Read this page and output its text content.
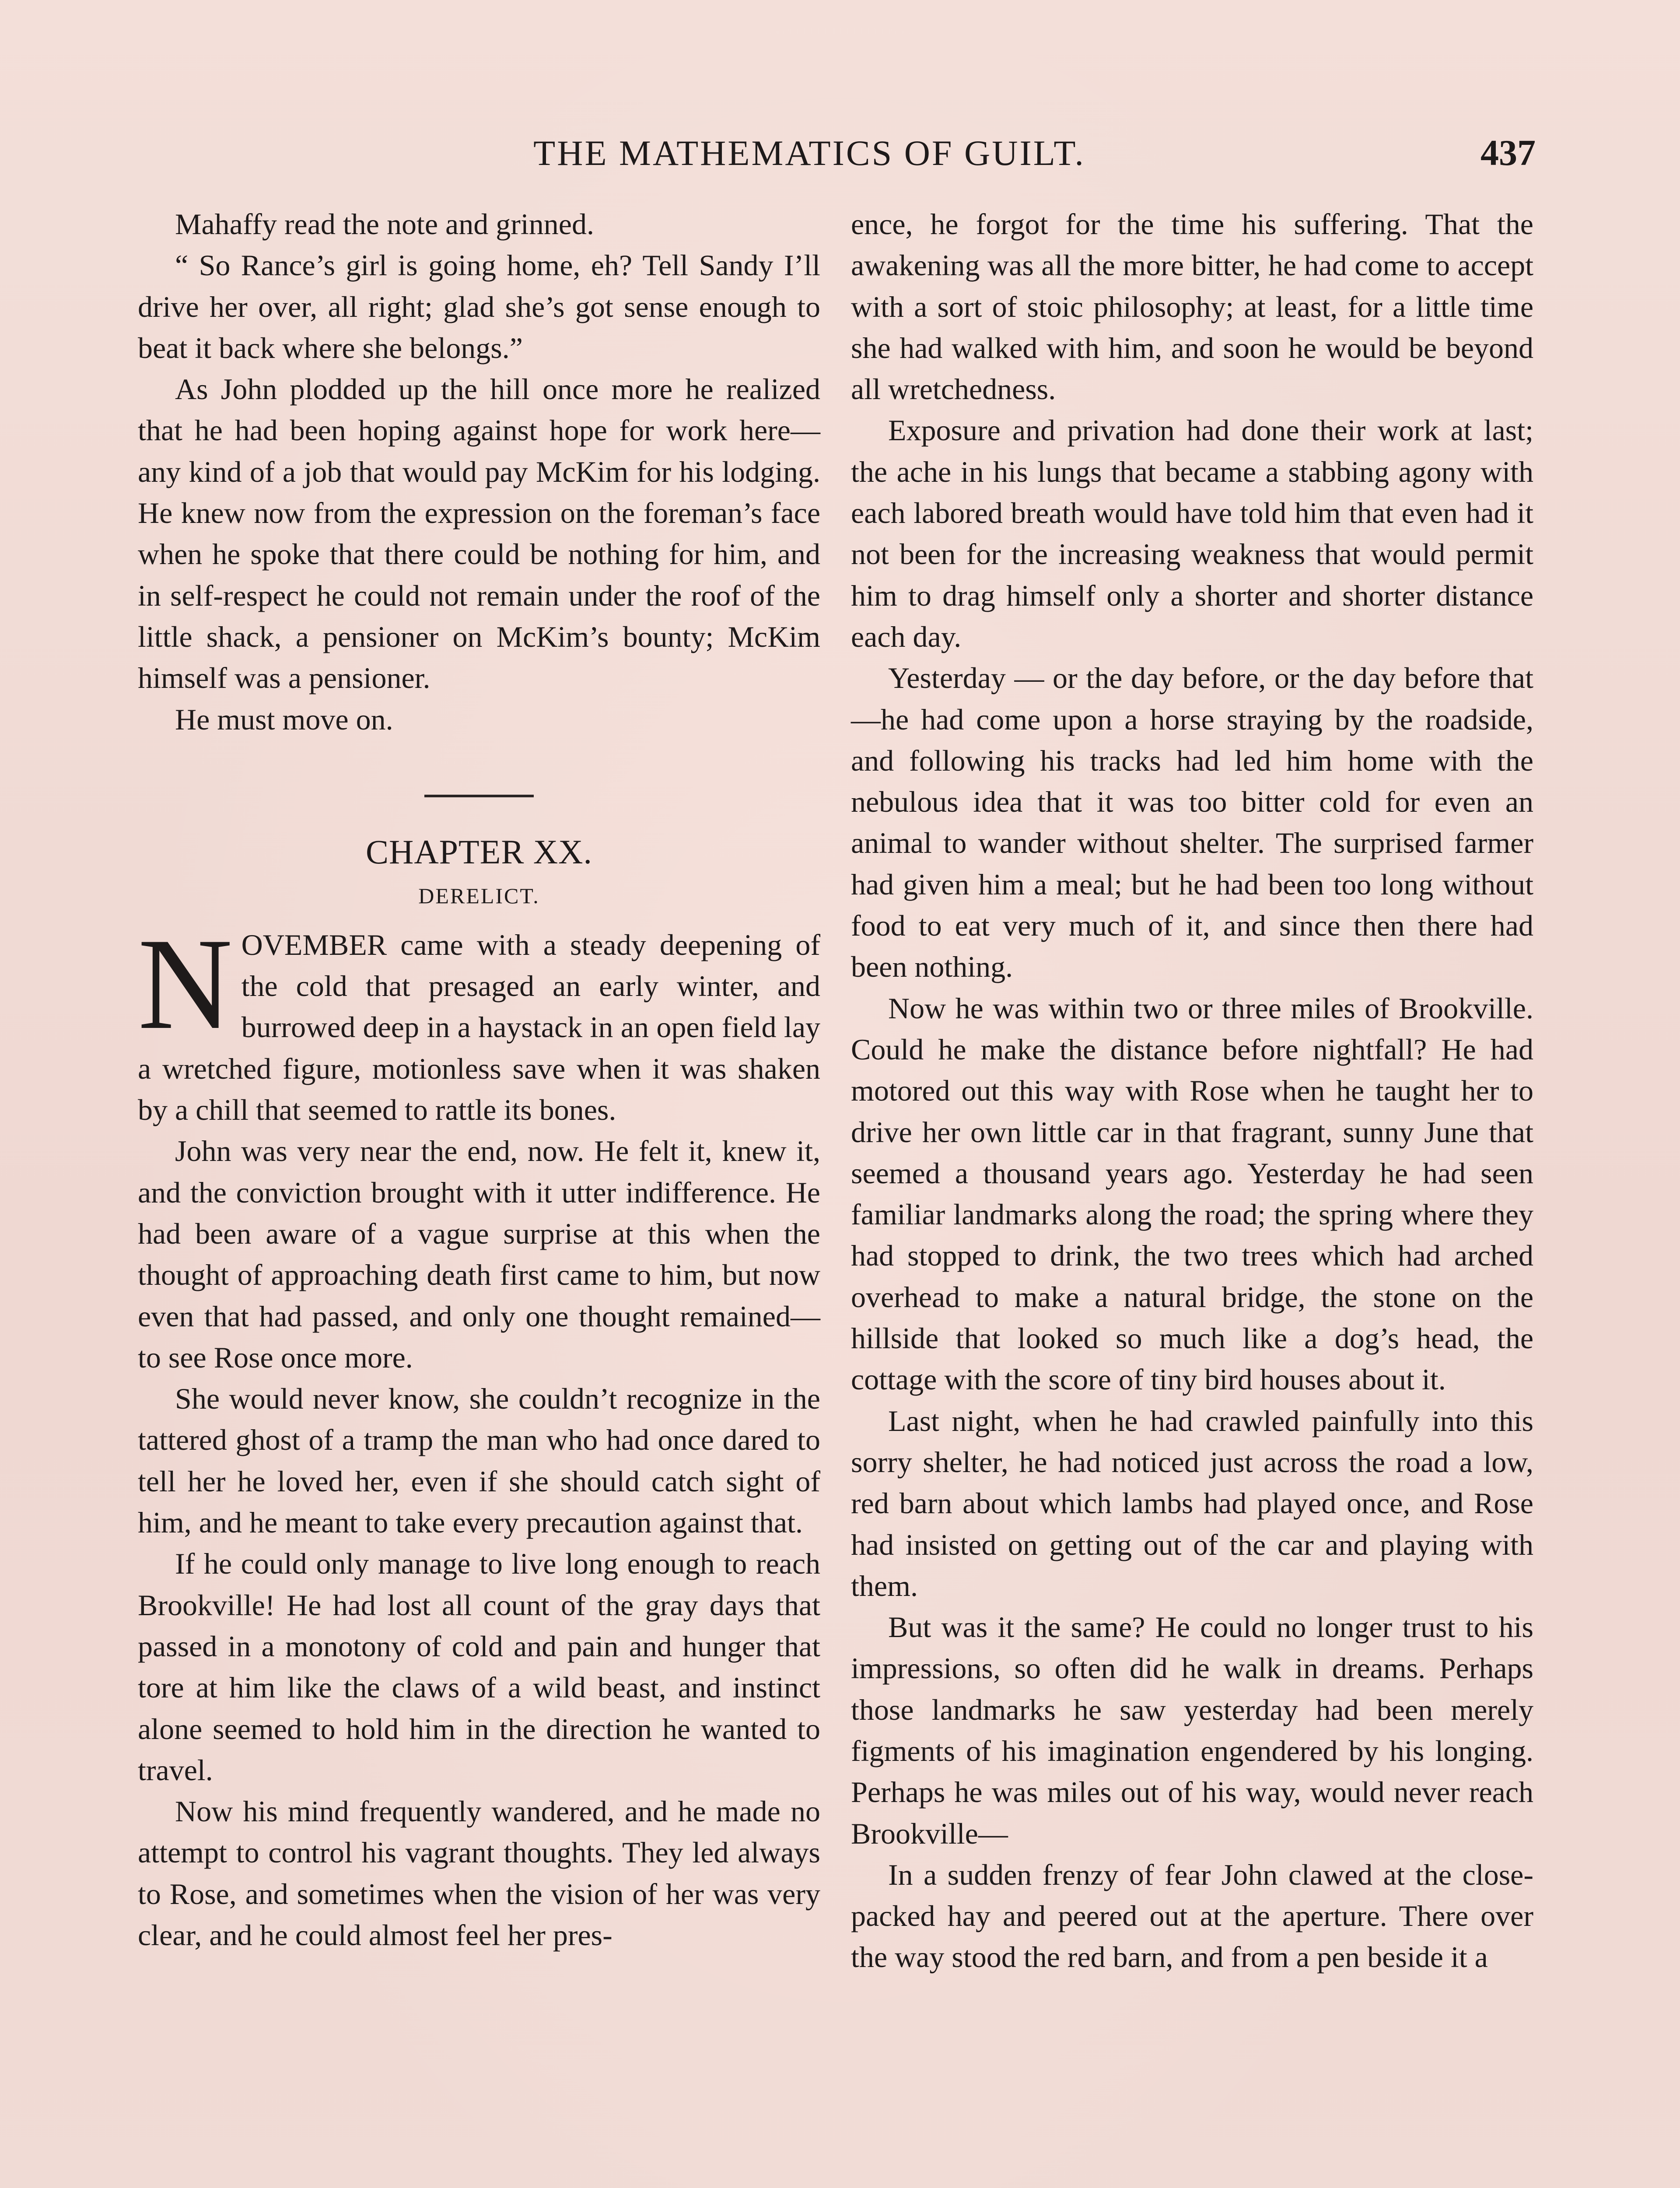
THE MATHEMATICS OF GUILT.	437

Mahaffy read the note and grinned.

“ So Rance’s girl is going home, eh? Tell Sandy I’ll drive her over, all right; glad she’s got sense enough to beat it back where she belongs.”

As John plodded up the hill once more he realized that he had been hoping against hope for work here—any kind of a job that would pay McKim for his lodging. He knew now from the expression on the foreman’s face when he spoke that there could be nothing for him, and in self-respect he could not remain under the roof of the little shack, a pensioner on McKim’s bounty; McKim himself was a pensioner.

He must move on.

CHAPTER XX.
DERELICT.

NOVEMBER came with a steady deepening of the cold that presaged an early winter, and burrowed deep in a haystack in an open field lay a wretched figure, motionless save when it was shaken by a chill that seemed to rattle its bones.

John was very near the end, now. He felt it, knew it, and the conviction brought with it utter indifference. He had been aware of a vague surprise at this when the thought of approaching death first came to him, but now even that had passed, and only one thought remained—to see Rose once more.

She would never know, she couldn’t recognize in the tattered ghost of a tramp the man who had once dared to tell her he loved her, even if she should catch sight of him, and he meant to take every precaution against that.

If he could only manage to live long enough to reach Brookville! He had lost all count of the gray days that passed in a monotony of cold and pain and hunger that tore at him like the claws of a wild beast, and instinct alone seemed to hold him in the direction he wanted to travel.

Now his mind frequently wandered, and he made no attempt to control his vagrant thoughts. They led always to Rose, and sometimes when the vision of her was very clear, and he could almost feel her pres-

ence, he forgot for the time his suffering. That the awakening was all the more bitter, he had come to accept with a sort of stoic philosophy; at least, for a little time she had walked with him, and soon he would be beyond all wretchedness.

Exposure and privation had done their work at last; the ache in his lungs that became a stabbing agony with each labored breath would have told him that even had it not been for the increasing weakness that would permit him to drag himself only a shorter and shorter distance each day.

Yesterday — or the day before, or the day before that—he had come upon a horse straying by the roadside, and following his tracks had led him home with the nebulous idea that it was too bitter cold for even an animal to wander without shelter. The surprised farmer had given him a meal; but he had been too long without food to eat very much of it, and since then there had been nothing.

Now he was within two or three miles of Brookville. Could he make the distance before nightfall? He had motored out this way with Rose when he taught her to drive her own little car in that fragrant, sunny June that seemed a thousand years ago. Yesterday he had seen familiar landmarks along the road; the spring where they had stopped to drink, the two trees which had arched overhead to make a natural bridge, the stone on the hillside that looked so much like a dog’s head, the cottage with the score of tiny bird houses about it.

Last night, when he had crawled painfully into this sorry shelter, he had noticed just across the road a low, red barn about which lambs had played once, and Rose had insisted on getting out of the car and playing with them.

But was it the same? He could no longer trust to his impressions, so often did he walk in dreams. Perhaps those landmarks he saw yesterday had been merely figments of his imagination engendered by his longing. Perhaps he was miles out of his way, would never reach Brookville—

In a sudden frenzy of fear John clawed at the close-packed hay and peered out at the aperture. There over the way stood the red barn, and from a pen beside it a
